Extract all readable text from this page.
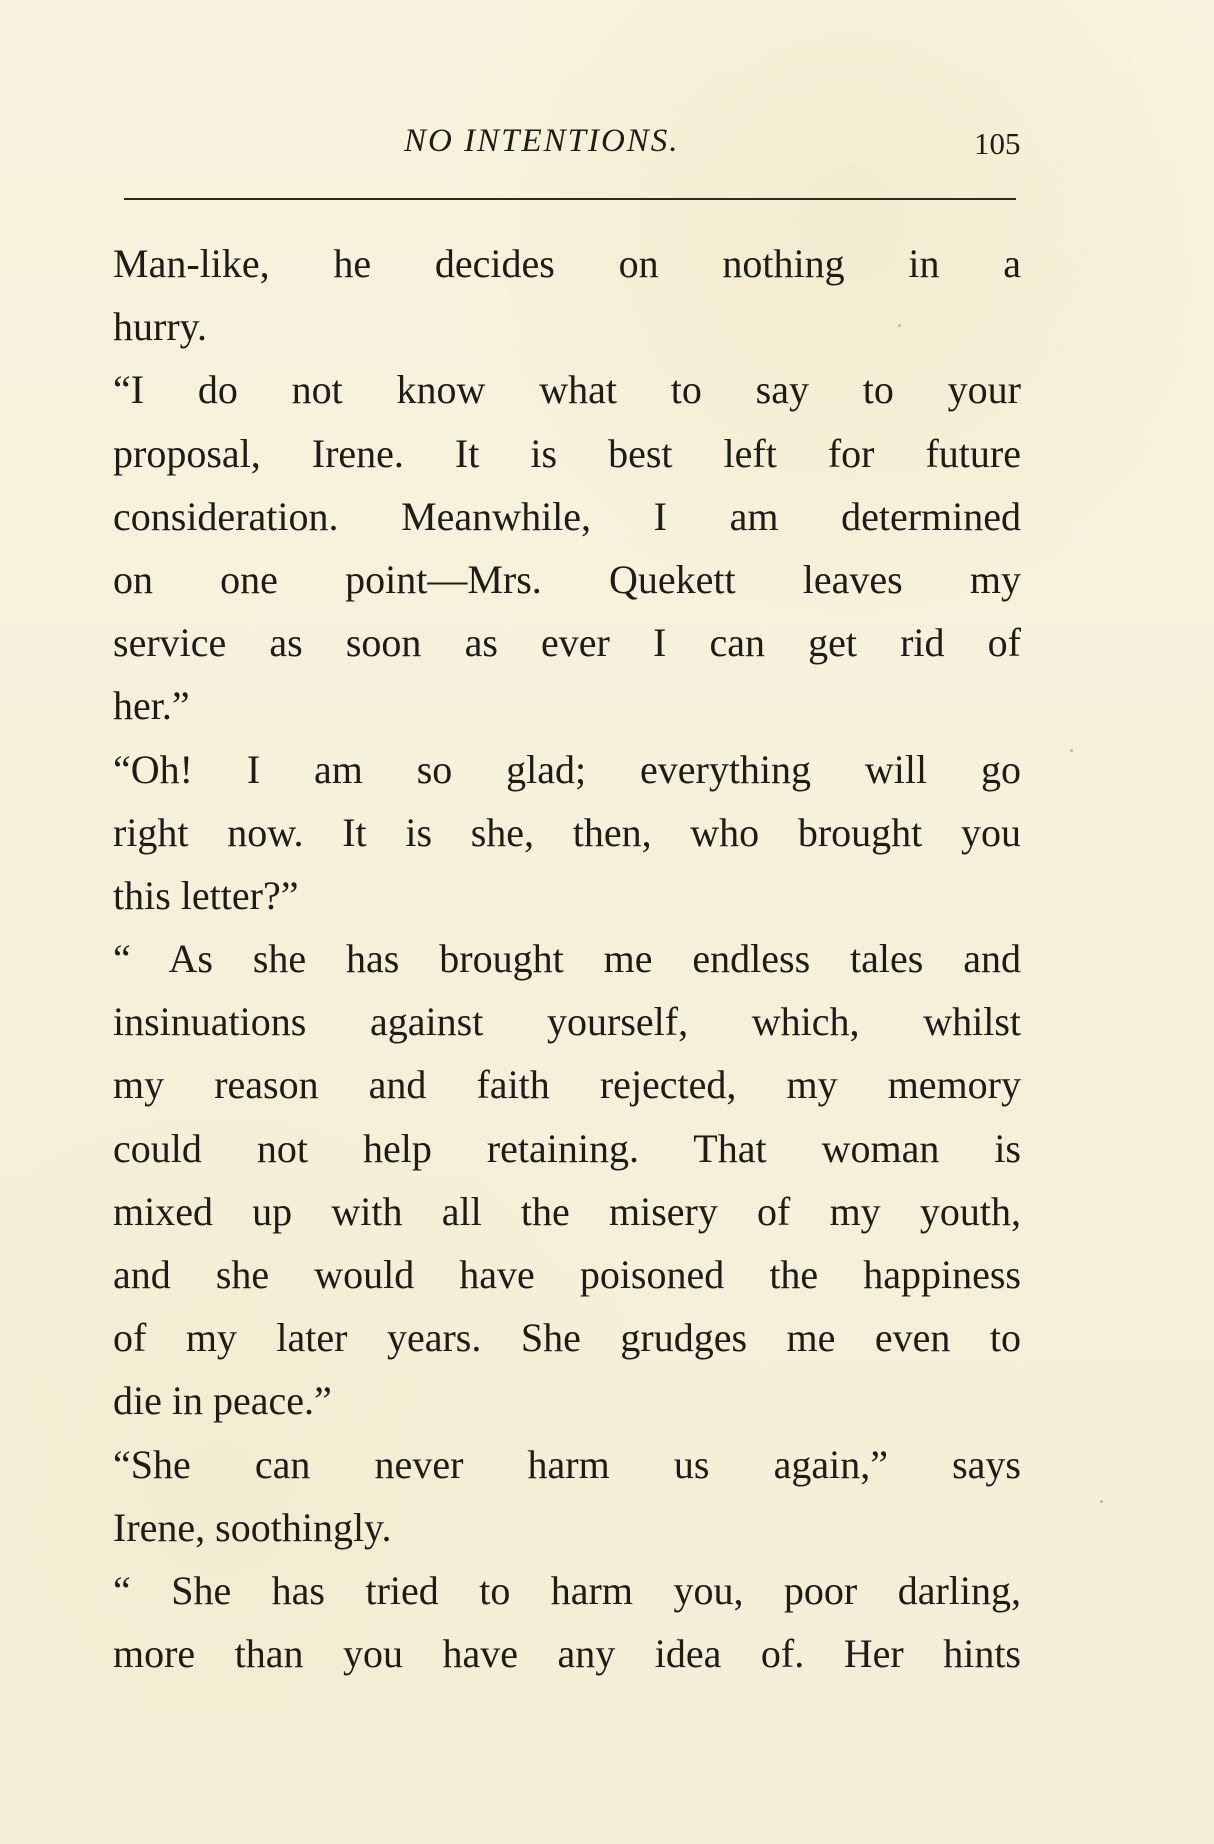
NO INTENTIONS.	105
Man-like, he decides on nothing in a
hurry.
“I do not know what to say to your
proposal, Irene. It is best left for future
consideration. Meanwhile, I am determined
on one point—Mrs. Quekett leaves my
service as soon as ever I can get rid of
her.”
“Oh! I am so glad; everything will go
right now. It is she, then, who brought you
this letter?”
“ As she has brought me endless tales and
insinuations against yourself, which, whilst
my reason and faith rejected, my memory
could not help retaining. That woman is
mixed up with all the misery of my youth,
and she would have poisoned the happiness
of my later years. She grudges me even to
die in peace.”
“She can never harm us again,” says
Irene, soothingly.
“ She has tried to harm you, poor darling,
more than you have any idea of. Her hints
